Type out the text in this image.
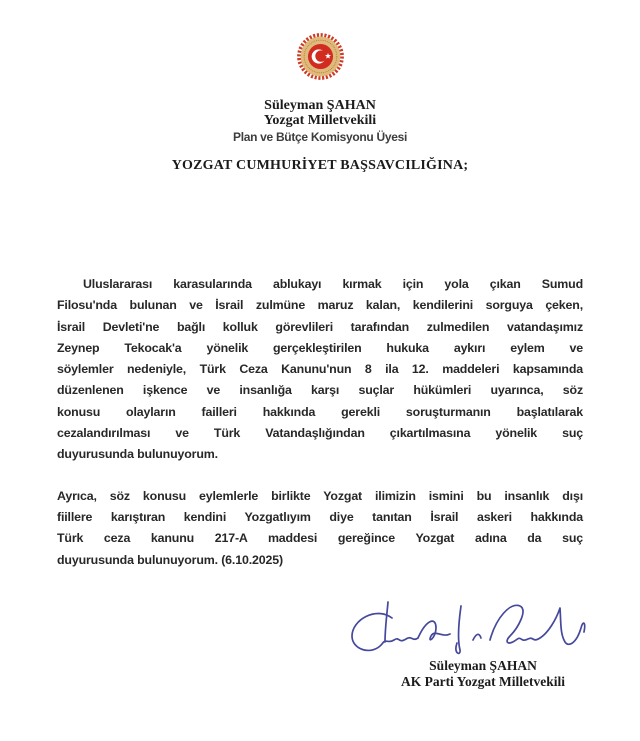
Süleyman ŞAHAN
Yozgat Milletvekili
Plan ve Bütçe Komisyonu Üyesi
YOZGAT CUMHURİYET BAŞSAVCILIĞINA;
Uluslararası karasularında ablukayı kırmak için yola çıkan Sumud
Filosu'nda bulunan ve İsrail zulmüne maruz kalan, kendilerini sorguya çeken,
İsrail Devleti'ne bağlı kolluk görevlileri tarafından zulmedilen vatandaşımız
Zeynep Tekocak'a yönelik gerçekleştirilen hukuka aykırı eylem ve
söylemler nedeniyle, Türk Ceza Kanunu'nun 8 ila 12. maddeleri kapsamında
düzenlenen işkence ve insanlığa karşı suçlar hükümleri uyarınca, söz
konusu olayların failleri hakkında gerekli soruşturmanın başlatılarak
cezalandırılması ve Türk Vatandaşlığından çıkartılmasına yönelik suç
duyurusunda bulunuyorum.
Ayrıca, söz konusu eylemlerle birlikte Yozgat ilimizin ismini bu insanlık dışı
fiillere karıştıran kendini Yozgatlıyım diye tanıtan İsrail askeri hakkında
Türk ceza kanunu 217-A maddesi gereğince Yozgat adına da suç
duyurusunda bulunuyorum. (6.10.2025)
Süleyman ŞAHAN
AK Parti Yozgat Milletvekili
